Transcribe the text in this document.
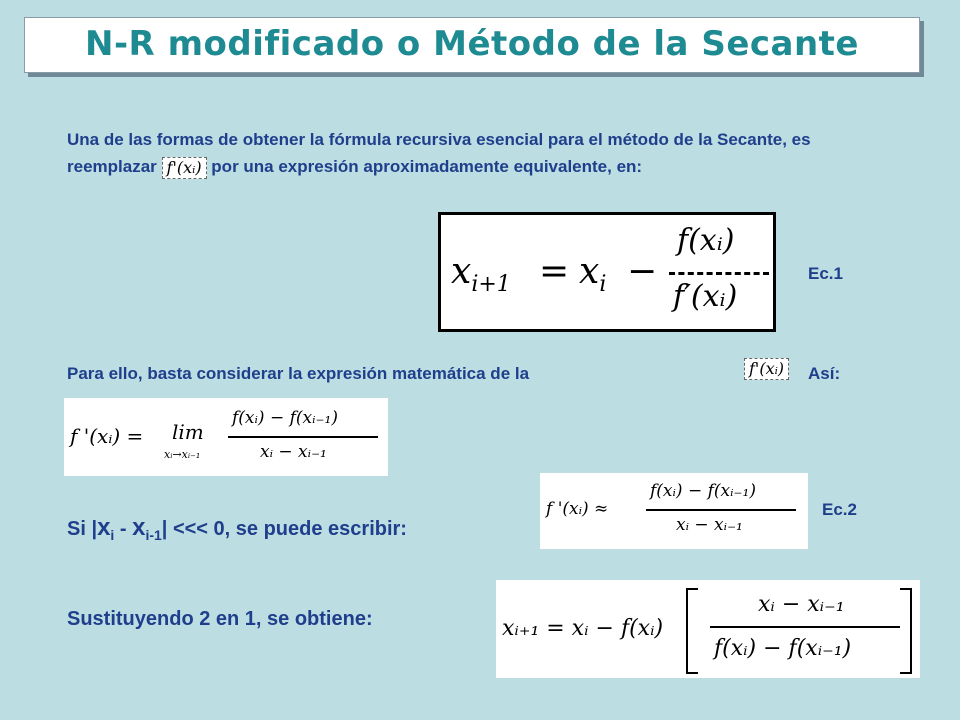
N-R modificado o Método de la Secante
Una de las formas de obtener la fórmula recursiva esencial para el método de la Secante, es reemplazar f'(xᵢ) por una expresión aproximadamente equivalente, en:
$x_{i+1} = x_i$ −
f(xᵢ)
f′(xᵢ)
Ec.1
Para ello, basta considerar la expresión matemática de la	f'(xᵢ) Así:
f '(xᵢ) = lim
xᵢ→xᵢ₋₁
f(xᵢ) − f(xᵢ₋₁)
xᵢ − xᵢ₋₁
Si $|x_i - x_{i-1}|$ <<< 0, se puede escribir:
f '(xᵢ) ≈
f(xᵢ) − f(xᵢ₋₁)
xᵢ − xᵢ₋₁
Ec.2
Sustituyendo 2 en 1, se obtiene:	xᵢ₊₁ = xᵢ − f(xᵢ)
xᵢ − xᵢ₋₁
f(xᵢ) − f(xᵢ₋₁)
